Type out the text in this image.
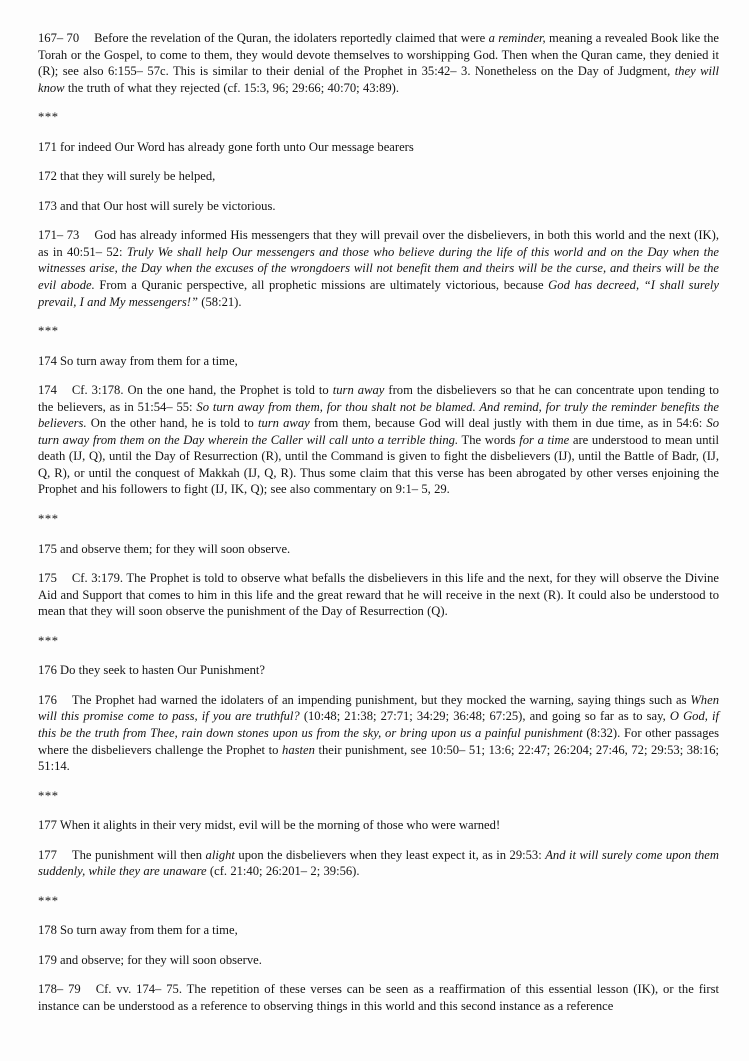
167– 70 Before the revelation of the Quran, the idolaters reportedly claimed that were a reminder, meaning a revealed Book like the Torah or the Gospel, to come to them, they would devote themselves to worshipping God. Then when the Quran came, they denied it (R); see also 6:155– 57c. This is similar to their denial of the Prophet in 35:42– 3. Nonetheless on the Day of Judgment, they will know the truth of what they rejected (cf. 15:3, 96; 29:66; 40:70; 43:89).

***

171 for indeed Our Word has already gone forth unto Our message bearers

172 that they will surely be helped,

173 and that Our host will surely be victorious.

171– 73 God has already informed His messengers that they will prevail over the disbelievers, in both this world and the next (IK), as in 40:51– 52: Truly We shall help Our messengers and those who believe during the life of this world and on the Day when the witnesses arise, the Day when the excuses of the wrongdoers will not benefit them and theirs will be the curse, and theirs will be the evil abode. From a Quranic perspective, all prophetic missions are ultimately victorious, because God has decreed, “I shall surely prevail, I and My messengers!” (58:21).

***

174 So turn away from them for a time,

174 Cf. 3:178. On the one hand, the Prophet is told to turn away from the disbelievers so that he can concentrate upon tending to the believers, as in 51:54– 55: So turn away from them, for thou shalt not be blamed. And remind, for truly the reminder benefits the believers. On the other hand, he is told to turn away from them, because God will deal justly with them in due time, as in 54:6: So turn away from them on the Day wherein the Caller will call unto a terrible thing. The words for a time are understood to mean until death (IJ, Q), until the Day of Resurrection (R), until the Command is given to fight the disbelievers (IJ), until the Battle of Badr, (IJ, Q, R), or until the conquest of Makkah (IJ, Q, R). Thus some claim that this verse has been abrogated by other verses enjoining the Prophet and his followers to fight (IJ, IK, Q); see also commentary on 9:1– 5, 29.

***

175 and observe them; for they will soon observe.

175 Cf. 3:179. The Prophet is told to observe what befalls the disbelievers in this life and the next, for they will observe the Divine Aid and Support that comes to him in this life and the great reward that he will receive in the next (R). It could also be understood to mean that they will soon observe the punishment of the Day of Resurrection (Q).

***

176 Do they seek to hasten Our Punishment?

176 The Prophet had warned the idolaters of an impending punishment, but they mocked the warning, saying things such as When will this promise come to pass, if you are truthful? (10:48; 21:38; 27:71; 34:29; 36:48; 67:25), and going so far as to say, O God, if this be the truth from Thee, rain down stones upon us from the sky, or bring upon us a painful punishment (8:32). For other passages where the disbelievers challenge the Prophet to hasten their punishment, see 10:50– 51; 13:6; 22:47; 26:204; 27:46, 72; 29:53; 38:16; 51:14.

***

177 When it alights in their very midst, evil will be the morning of those who were warned!

177 The punishment will then alight upon the disbelievers when they least expect it, as in 29:53: And it will surely come upon them suddenly, while they are unaware (cf. 21:40; 26:201– 2; 39:56).

***

178 So turn away from them for a time,

179 and observe; for they will soon observe.

178– 79 Cf. vv. 174– 75. The repetition of these verses can be seen as a reaffirmation of this essential lesson (IK), or the first instance can be understood as a reference to observing things in this world and this second instance as a reference
